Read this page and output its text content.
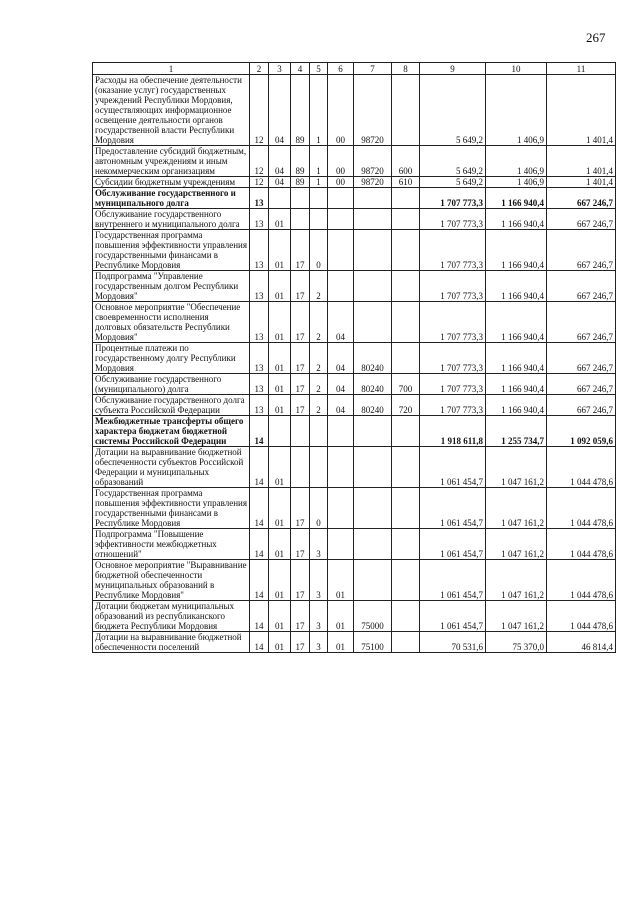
267
1	2	3	4	5	6	7	8	9	10	11
Расходы на обеспечение деятельности (оказание услуг) государственных учреждений Республики Мордовия, осуществляющих информационное освещение деятельности органов государственной власти Республики Мордовия	12	04	89	1	00	98720		5 649,2	1 406,9	1 401,4
Предоставление субсидий бюджетным, автономным учреждениям и иным некоммерческим организациям	12	04	89	1	00	98720	600	5 649,2	1 406,9	1 401,4
Субсидии бюджетным учреждениям	12	04	89	1	00	98720	610	5 649,2	1 406,9	1 401,4
Обслуживание государственного и муниципального долга	13							1 707 773,3	1 166 940,4	667 246,7
Обслуживание государственного внутреннего и муниципального долга	13	01						1 707 773,3	1 166 940,4	667 246,7
Государственная программа повышения эффективности управления государственными финансами в Республике Мордовия	13	01	17	0				1 707 773,3	1 166 940,4	667 246,7
Подпрограмма "Управление государственным долгом Республики Мордовия"	13	01	17	2				1 707 773,3	1 166 940,4	667 246,7
Основное мероприятие "Обеспечение своевременности исполнения долговых обязательств Республики Мордовия"	13	01	17	2	04			1 707 773,3	1 166 940,4	667 246,7
Процентные платежи по государственному долгу Республики Мордовия	13	01	17	2	04	80240		1 707 773,3	1 166 940,4	667 246,7
Обслуживание государственного (муниципального) долга	13	01	17	2	04	80240	700	1 707 773,3	1 166 940,4	667 246,7
Обслуживание государственного долга субъекта Российской Федерации	13	01	17	2	04	80240	720	1 707 773,3	1 166 940,4	667 246,7
Межбюджетные трансферты общего характера бюджетам бюджетной системы Российской Федерации	14							1 918 611,8	1 255 734,7	1 092 059,6
Дотации на выравнивание бюджетной обеспеченности субъектов Российской Федерации и муниципальных образований	14	01						1 061 454,7	1 047 161,2	1 044 478,6
Государственная программа повышения эффективности управления государственными финансами в Республике Мордовия	14	01	17	0				1 061 454,7	1 047 161,2	1 044 478,6
Подпрограмма "Повышение эффективности межбюджетных отношений"	14	01	17	3				1 061 454,7	1 047 161,2	1 044 478,6
Основное мероприятие "Выравнивание бюджетной обеспеченности муниципальных образований в Республике Мордовия"	14	01	17	3	01			1 061 454,7	1 047 161,2	1 044 478,6
Дотации бюджетам муниципальных образований из республиканского бюджета Республики Мордовия	14	01	17	3	01	75000		1 061 454,7	1 047 161,2	1 044 478,6
Дотации на выравнивание бюджетной обеспеченности поселений	14	01	17	3	01	75100		70 531,6	75 370,0	46 814,4
